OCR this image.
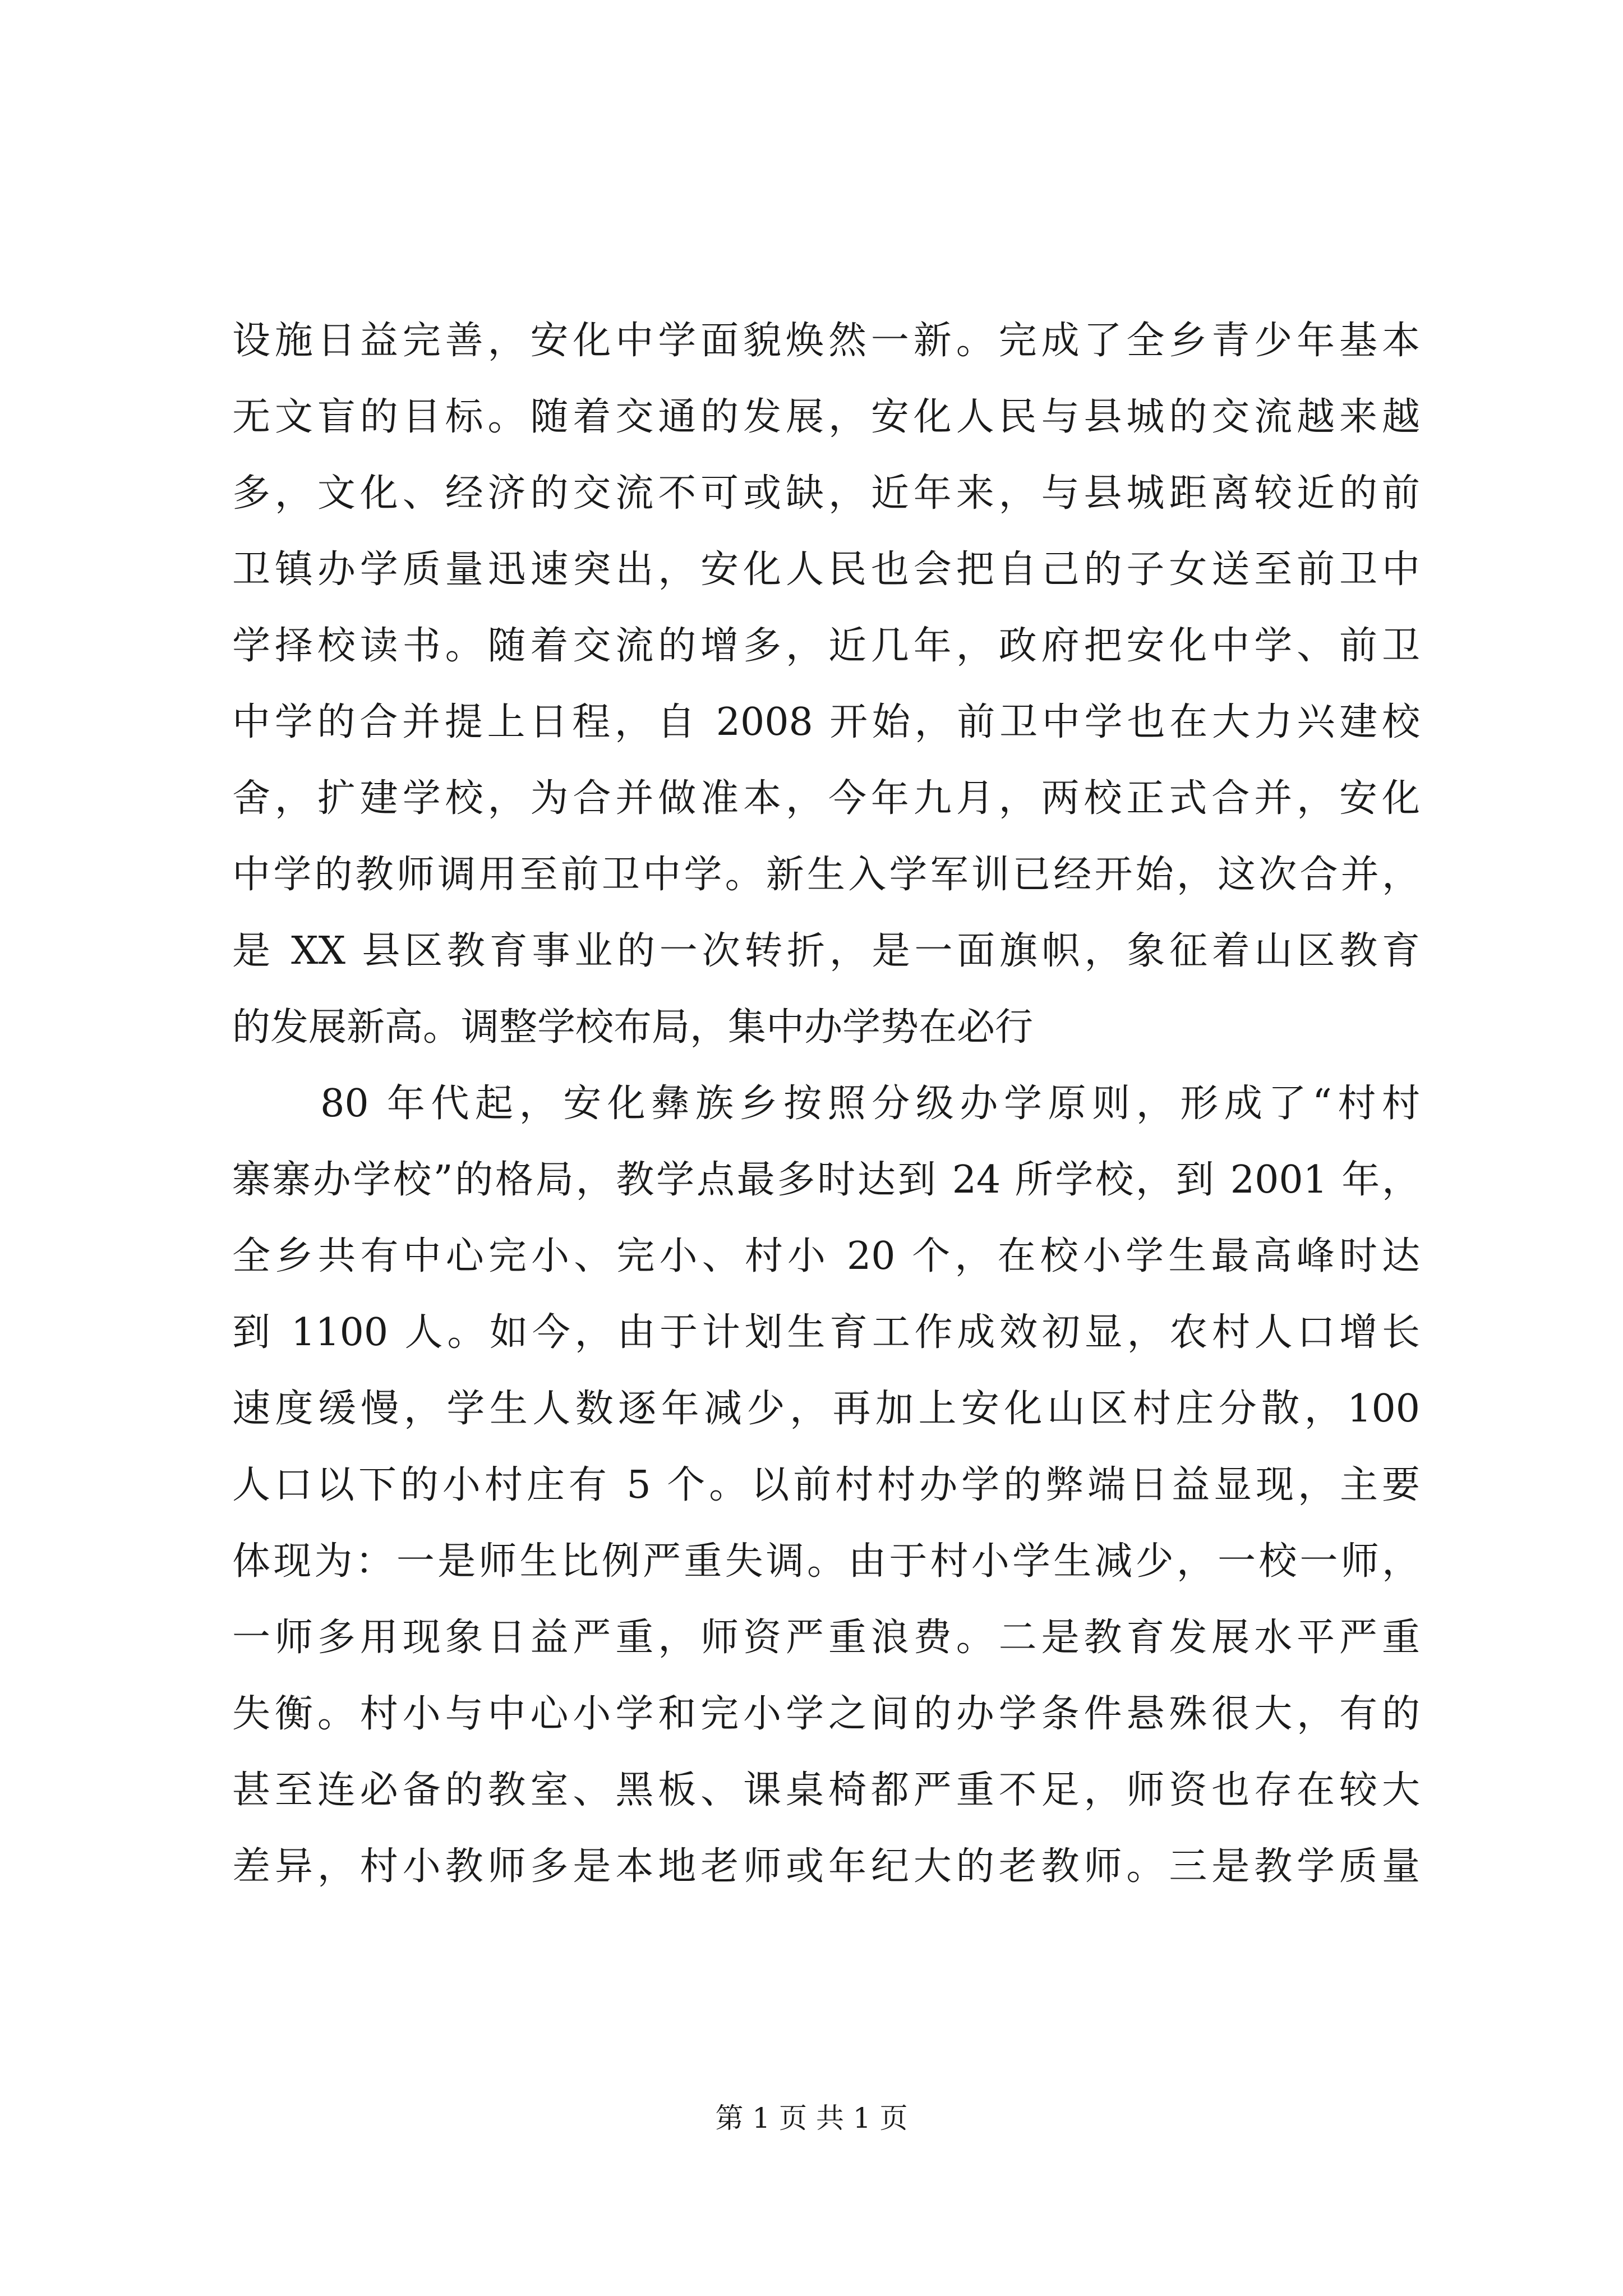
设施日益完善，安化中学面貌焕然一新。完成了全乡青少年基本
无文盲的目标。随着交通的发展，安化人民与县城的交流越来越
多，文化、经济的交流不可或缺，近年来，与县城距离较近的前
卫镇办学质量迅速突出，安化人民也会把自己的子女送至前卫中
学择校读书。随着交流的增多，近几年，政府把安化中学、前卫
中学的合并提上日程，自 2008 开始，前卫中学也在大力兴建校
舍，扩建学校，为合并做准本，今年九月，两校正式合并，安化
中学的教师调用至前卫中学。新生入学军训已经开始，这次合并，
是 XX 县区教育事业的一次转折，是一面旗帜，象征着山区教育
的发展新高。调整学校布局，集中办学势在必行
　　80 年代起，安化彝族乡按照分级办学原则，形成了“村村
寨寨办学校”的格局，教学点最多时达到 24 所学校，到 2001 年，
全乡共有中心完小、完小、村小 20 个，在校小学生最高峰时达
到 1100 人。如今，由于计划生育工作成效初显，农村人口增长
速度缓慢，学生人数逐年减少，再加上安化山区村庄分散，100
人口以下的小村庄有 5 个。以前村村办学的弊端日益显现，主要
体现为：一是师生比例严重失调。由于村小学生减少，一校一师，
一师多用现象日益严重，师资严重浪费。二是教育发展水平严重
失衡。村小与中心小学和完小学之间的办学条件悬殊很大，有的
甚至连必备的教室、黑板、课桌椅都严重不足，师资也存在较大
差异，村小教师多是本地老师或年纪大的老教师。三是教学质量
第 1 页 共 1 页
